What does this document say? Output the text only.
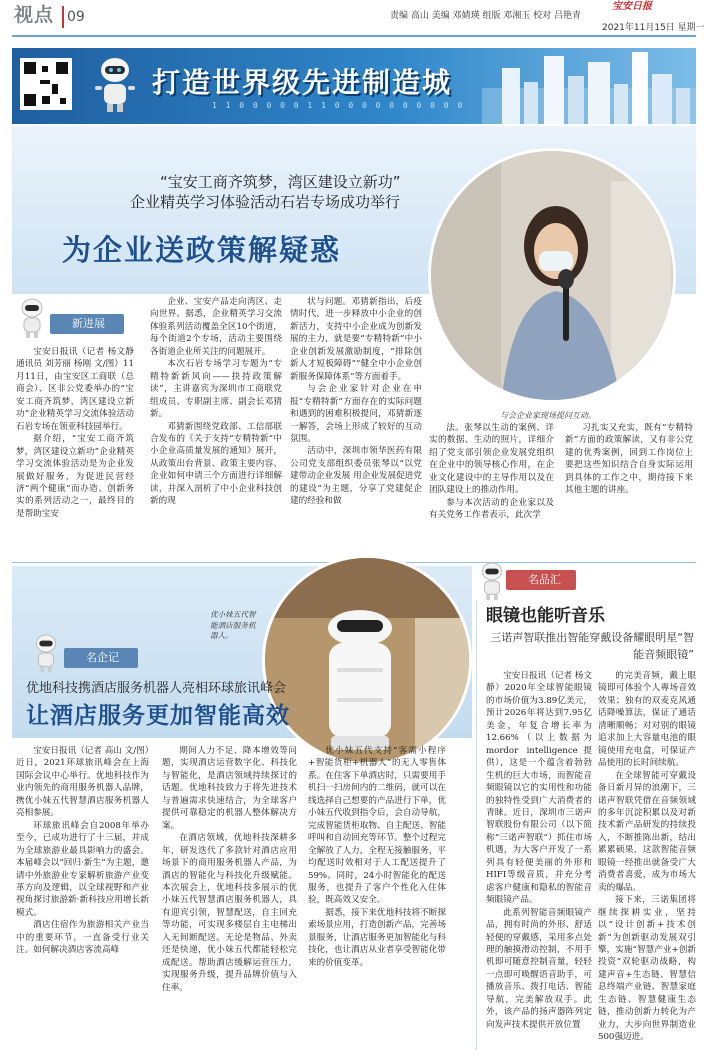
视点 09	责编 高山 美编 邓婧瑛 组版 邓湘玉 校对 吕艳青
宝安日报
2021年11月15日 星期一
打造世界级先进制造城
1 1 0 0 0 0 0 1 1 0 0 0 0 0 0 0 0 0 0
“宝安工商齐筑梦，湾区建设立新功”
企业精英学习体验活动石岩专场成功举行
为企业送政策解疑惑
与会企业家现场提问互动。
新进展

宝安日报讯（记者 杨文静 通讯员 刘芳丽 杨刚 文/图）11月11日，由宝安区工商联（总商会）、区非公党委举办的“宝安工商齐筑梦，湾区建设立新功”企业精英学习交流体验活动石岩专场在领亚科技园举行。

据介绍，“宝安工商齐筑梦，湾区建设立新功”企业精英学习交流体验活动是为企业发展做好服务，为促进民营经济“两个健康”而办造、创新务实的系列活动之一，最终目的是帮助宝安

企业、宝安产品走向湾区、走向世界。据悉，企业精英学习交流体验系列活动覆盖全区10个街道，每个街道2个专场，活动主要围绕各街道企业所关注的问题展开。

本次石岩专场学习专题为“专精特新新风向——抉持政策解读”，主讲嘉宾为深圳市工商联党组成员、专职副主席、副会长邓猜新。

邓猜新围绕党政部、工信部联合发布的《关于支持“专精特新”中小企业高质量发展的通知》展开，从政策出台背景、政策主要内容、企业如何申请三个方面进行详细解读，并深入剖析了中小企业科技创新的现

状与问题。邓猜新指出，后疫情时代，进一步释放中小企业的创新活力，支持中小企业成为创新发展的主力，就是要“专精特新”中小企业创新发展激励制度，“排除创新人才短板障碍”“健全中小企业创新服务保障体系”等方面着手。

与会企业家针对企业在申报“专精特新”方面存在的实际问题和遇到的困难积极提问，邓猜新逐一解答，会场上形成了较好的互动氛围。

活动中，深圳市领华医药有限公司党支部组织委员张琴以“以党建带动企业发展 用企业发展促进党的建设”为主题，分享了党建促企建的经验和做

法。张琴以生动的案例、详实的数据、生动的照片，详细介绍了党支部引领企业发展党组织在企业中的领导核心作用，在企业文化建设中的主导作用以及在团队建设上的推动作用。

参与本次活动的企业家以及有关党务工作者表示，此次学

习扎实又充实，既有“专精特新”方面的政策解读，又有非公党建的优秀案例，回到工作岗位上要把这些知识结合自身实际运用到具体的工作之中，期待接下来其他主题的讲座。

优小妹五代智能酒店服务机器人。
名企记
优地科技携酒店服务机器人亮相环球旅讯峰会
让酒店服务更加智能高效

宝安日报讯（记者 高山 文/图）近日，2021环球旅讯峰会在上海国际会议中心举行。优地科技作为业内领先的商用服务机器人品牌，携优小妹五代智慧酒店服务机器人亮相参展。

环球旅讯峰会自2008年举办至今，已成功进行了十三届，并成为全球旅游业最具影响力的盛会。本届峰会以“回归·新生”为主题，邀请中外旅游业专家解析旅游产业变革方向及逻辑，以全球视野和产业视角探讨旅游新·新科技应用增长新模式。

酒店住宿作为旅游相关产业当中的重要环节，一直备受行业关注。如何解决酒店客流高峰

期间人力不足、降本增效等问题，实现酒店运营数字化、科技化与智能化，是酒店领域持续探讨的话题。优地科技致力于将先进技术与普遍需求快速结合，为全球客户提供可靠稳定的机器人整体解决方案。

在酒店领域，优地科技深耕多年，研发迭代了多款针对酒店应用场景下的商用服务机器人产品，为酒店的智能化与科技化升级赋能。本次展会上，优地科技多展示的优小妹五代智慧酒店服务机器人，具有迎宾引领，智慧配送，自主回充等功能，可实现多楼层自主电梯出入无间断配送。无论是物品、外卖还是快递，优小妹五代都能轻松完成配送。帮助酒店缓解运营压力，实现服务升级，提升品牌价值与入住率。

优小妹五代支持“客需小程序+智能货柜+机器人”的无人零售体系。在住客下单酒店时，只需要用手机扫一扫房间内的二维码，就可以在线选择自己想要的产品进行下单，优小妹五代收到指令后，会自动导航，完成智能货柜取物、自主配送、智能呼叫和自动回充等环节。整个过程完全解放了人力，全程无接触服务，平均配送时效相对于人工配送提升了59%。同时，24小时智能化的配送服务，也提升了客户个性化入住体验，既高效又安全。

据悉，接下来优地科技将不断探索场景应用，打造创新产品，完善场景服务，让酒店服务更加智能化与科技化，也让酒店从业者享受智能化带来的价值变革。

名品汇
眼镜也能听音乐
三诺声智联推出智能穿戴设备耀眼明星“智能音频眼镜”

宝安日报讯（记者 杨文静）2020年全球智能眼镜的市场价值为3.89亿美元，预计2026年将达到7.95亿美金，年复合增长率为12.66%（以上数据为mordor intelligence提供），这是一个蕴含着勃勃生机的巨大市场，而智能音频眼镜以它的实用性和功能的独特性受到广大消费者的青睐。近日，深圳市三诺声智联股份有限公司（以下简称“三诺声智联”）抓住市场机遇，为大客户开发了一系列具有轻便美丽的外形和HIFI等级音质，并充分考虑客户健康和隐私的智能音频眼镜产品。

此系列智能音频眼镜产品，拥有时尚的外形、舒适轻便的穿戴感，采用多点处理的触摸滑动控制，不用手机即可随意控制音量，轻轻一点即可唤醒语音助手，可播放音乐、拨打电话、智能导航，完美解放双手。此外，该产品的扬声器阵列定向发声技术提供开放位置

的完美音频，戴上眼镜即可体验个人專场音效效果；独有的双麦克风通话降噪算法，保证了通话清晰顺畅；对对别的眼镜追求加上大容量电池的眼镜使用充电盒，可保证产品使用的长时间续航。

在全球智能可穿戴设备日新月异的浪潮下，三诺声智联凭借在音频领域的多年沉淀积累以及对新技术新产品研发的持续投入，不断推陈出新，结出累累硕果，这款智能音频眼镜一经推出就备受广大消费者喜爱，成为市场大卖的爆品。

接下来，三诺集团将继续探耕实业，坚持以“设计创新+技术创新”为创新驱动发展双引擎，实施“智慧产业+创新投资”双轮驱动战略，构建声音+生态链、智慧信息终端产业链、智慧家庭生态链、智慧健康生态链，推动创新力转化为产业力，大步向世界制造业500强迈进。
